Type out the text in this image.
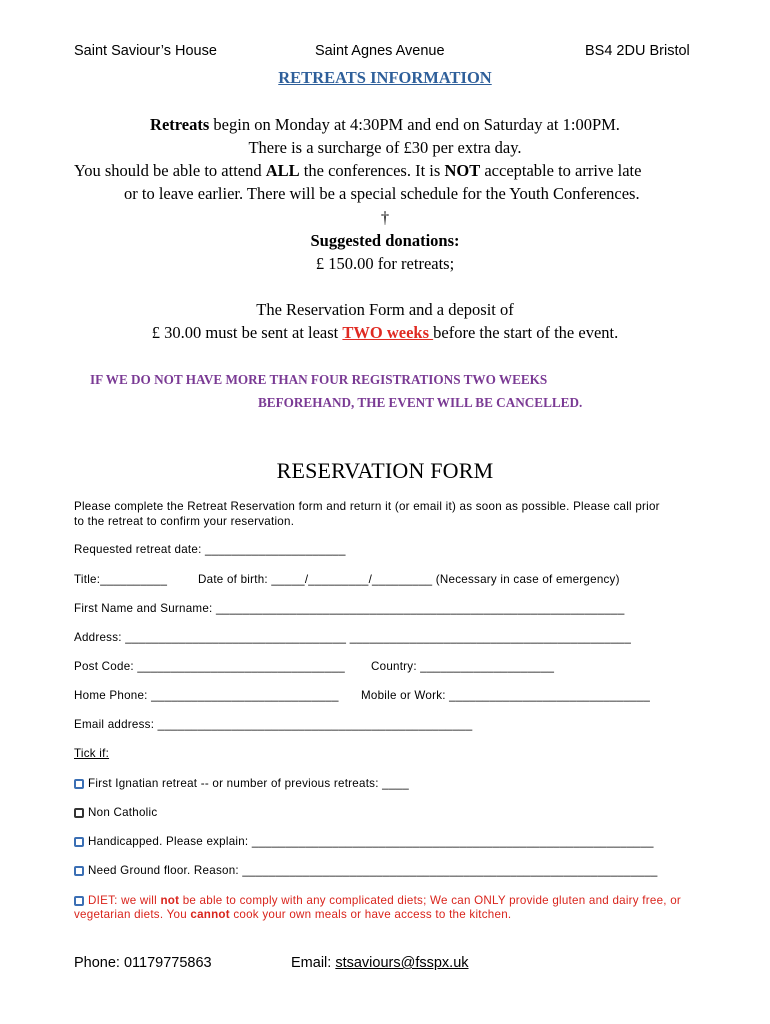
Saint Saviour’s House	Saint Agnes Avenue	BS4 2DU Bristol
RETREATS INFORMATION
Retreats begin on Monday at 4:30PM and end on Saturday at 1:00PM.
There is a surcharge of £30 per extra day.
You should be able to attend ALL the conferences. It is NOT acceptable to arrive late
or to leave earlier. There will be a special schedule for the Youth Conferences.
†
Suggested donations:
£ 150.00 for retreats;
The Reservation Form and a deposit of
£ 30.00 must be sent at least TWO weeks before the start of the event.
IF WE DO NOT HAVE MORE THAN FOUR REGISTRATIONS TWO WEEKS
BEFOREHAND, THE EVENT WILL BE CANCELLED.
RESERVATION FORM
Please complete the Retreat Reservation form and return it (or email it) as soon as possible. Please call prior
to the retreat to confirm your reservation.
Requested retreat date: _____________________
Title:__________	Date of birth: _____/_________/_________ (Necessary in case of emergency)
First Name and Surname: _____________________________________________________________
Address: _________________________________ __________________________________________
Post Code: _______________________________ Country: ____________________
Home Phone: ____________________________ Mobile or Work: ______________________________
Email address: _______________________________________________
Tick if:
First Ignatian retreat -- or number of previous retreats: ____
Non Catholic
Handicapped. Please explain: ____________________________________________________________
Need Ground floor. Reason: ______________________________________________________________
DIET: we will not be able to comply with any complicated diets; We can ONLY provide gluten and dairy free, or
vegetarian diets. You cannot cook your own meals or have access to the kitchen.
Phone: 01179775863	Email: stsaviours@fsspx.uk
